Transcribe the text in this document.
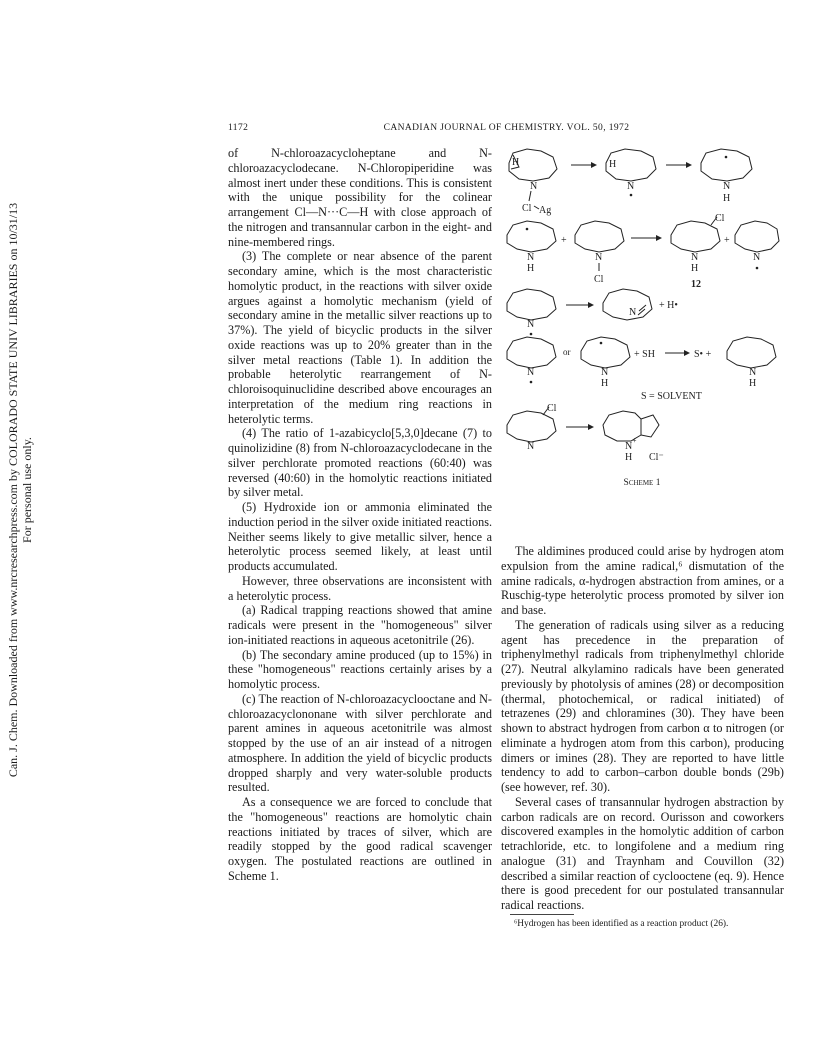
Can. J. Chem. Downloaded from www.nrcresearchpress.com by COLORADO STATE UNIV LIBRARIES on 10/31/13 For personal use only.
1172	CANADIAN JOURNAL OF CHEMISTRY. VOL. 50, 1972

of N-chloroazacycloheptane and N-chloroazacyclodecane. N-Chloropiperidine was almost inert under these conditions. This is consistent with the unique possibility for the colinear arrangement Cl—N···C—H with close approach of the nitrogen and transannular carbon in the eight- and nine-membered rings.

(3) The complete or near absence of the parent secondary amine, which is the most characteristic homolytic product, in the reactions with silver oxide argues against a homolytic mechanism (yield of secondary amine in the metallic silver reactions up to 37%). The yield of bicyclic products in the silver oxide reactions was up to 20% greater than in the silver metal reactions (Table 1). In addition the probable heterolytic rearrangement of N-chloroisoquinuclidine described above encourages an interpretation of the medium ring reactions in heterolytic terms.

(4) The ratio of 1-azabicyclo[5,3,0]decane (7) to quinolizidine (8) from N-chloroazacyclodecane in the silver perchlorate promoted reactions (60:40) was reversed (40:60) in the homolytic reactions initiated by silver metal.

(5) Hydroxide ion or ammonia eliminated the induction period in the silver oxide initiated reactions. Neither seems likely to give metallic silver, hence a heterolytic process seemed likely, at least until products accumulated.

However, three observations are inconsistent with a heterolytic process.

(a) Radical trapping reactions showed that amine radicals were present in the "homogeneous" silver ion-initiated reactions in aqueous acetonitrile (26).

(b) The secondary amine produced (up to 15%) in these "homogeneous" reactions certainly arises by a homolytic process.

(c) The reaction of N-chloroazacyclooctane and N-chloroazacyclononane with silver perchlorate and parent amines in aqueous acetonitrile was almost stopped by the use of an air instead of a nitrogen atmosphere. In addition the yield of bicyclic products dropped sharply and very water-soluble products resulted.

As a consequence we are forced to conclude that the "homogeneous" reactions are homolytic chain reactions initiated by traces of silver, which are readily stopped by the good radical scavenger oxygen. The postulated reactions are outlined in Scheme 1.

H
N
Cl Ag
H
N	N
H
N
H
+
N
Cl
Cl
N
H
+
N
12
N
N
+ H•
N
or
N
H
+ SH	S• +
N
H
S = SOLVENT
Cl
N	N
+
H Cl⁻
Scheme 1

The aldimines produced could arise by hydrogen atom expulsion from the amine radical,⁶ dismutation of the amine radicals, α-hydrogen abstraction from amines, or a Ruschig-type heterolytic process promoted by silver ion and base.

The generation of radicals using silver as a reducing agent has precedence in the preparation of triphenylmethyl radicals from triphenylmethyl chloride (27). Neutral alkylamino radicals have been generated previously by photolysis of amines (28) or decomposition (thermal, photochemical, or radical initiated) of tetrazenes (29) and chloramines (30). They have been shown to abstract hydrogen from carbon α to nitrogen (or eliminate a hydrogen atom from this carbon), producing dimers or imines (28). They are reported to have little tendency to add to carbon–carbon double bonds (29b) (see however, ref. 30).

Several cases of transannular hydrogen abstraction by carbon radicals are on record. Ourisson and coworkers discovered examples in the homolytic addition of carbon tetrachloride, etc. to longifolene and a medium ring analogue (31) and Traynham and Couvillon (32) described a similar reaction of cyclooctene (eq. 9). Hence there is good precedent for our postulated transannular radical reactions.

⁶Hydrogen has been identified as a reaction product (26).
